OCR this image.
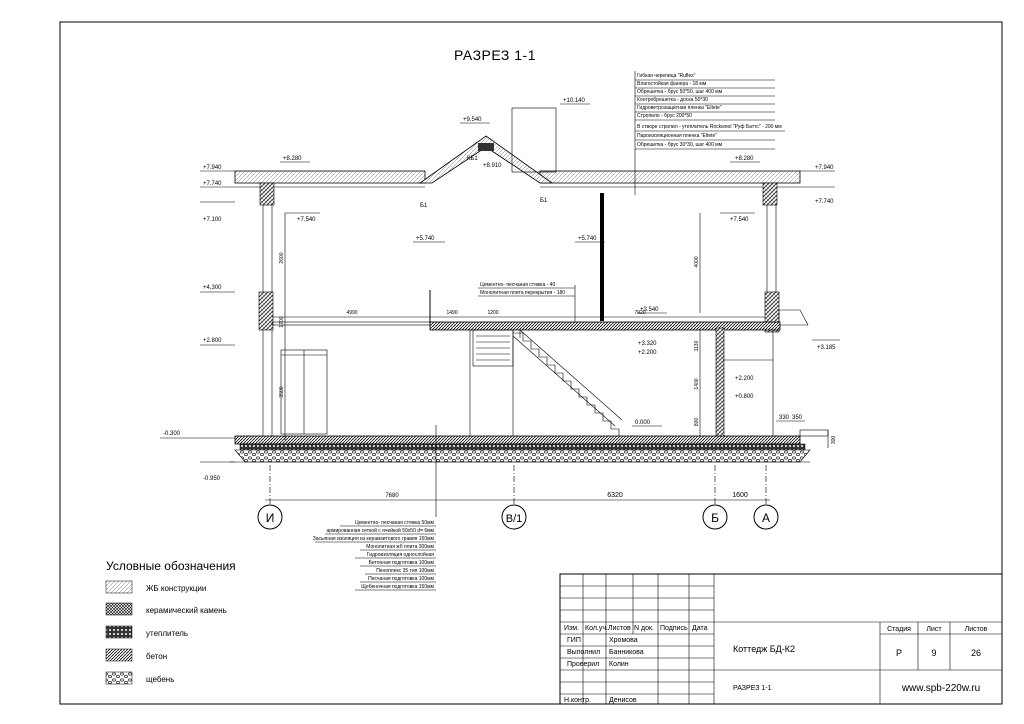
РАЗРЕЗ 1-1
Гибкая черепица "Ruflex"
Влагостойкая фанера - 18 мм
Обрешетка - брус 50*50, шаг 400 мм
Контробрешетка - доска 50*30
Гидроветрозащитная пленка "Eltete"
Стропило - брус 200*50
В створе стропил - утеплитель Rockwool "Руф Баттс" - 200 мм
Пароизоляционная пленка "Eltete"
Обрешетка - брус 30*30, шаг 400 мм
Цементно- песчаная стяжка - 40
Монолитная плита перекрытия - 180
Цементно- песчаная стяжка 50мм
армированная сеткой с ячейкой 50х50 d= 6мм
Засыпная изоляция из керамзитового гравия 150мм
Монолитная жб плита 300мм
Гидроизоляция однослойная
Бетонная подготовка 100мм
Пеноплекс 35 тип 100мм
Песчаная подготовка 100мм
Щебеночная подготовка 150мм
+7.940
+7.740
+7.100
+8.280
+9.540
+10.140
+8.910
КБ1
Б1
Б1
+8.280
+7.940
+7.740
+7.540	+7.540
+5.740	+5.740
+4.300
+3.540
+3.320
+2.200
+3.185
+2.800
+2.200
+0.800
0.000
-0.300
-0.950
2600
1700
3500
4990	1490	1200	7920
4000
1130
1400
800	330 350
300
7680	6320	1600
И	В/1	Б	А
Условные обозначения
ЖБ конструкции
керамический камень
утеплитель
бетон
щебень
Изм. Кол.уч. Листов N док. Подпись Дата
ГИП	Хромова
Выполнил Банникова
Проверил Колин
Н.контр.	Денисов
Коттедж БД-К2
РАЗРЕЗ 1-1
Стадия Лист	Листов
Р	9	26
www.spb-220w.ru
